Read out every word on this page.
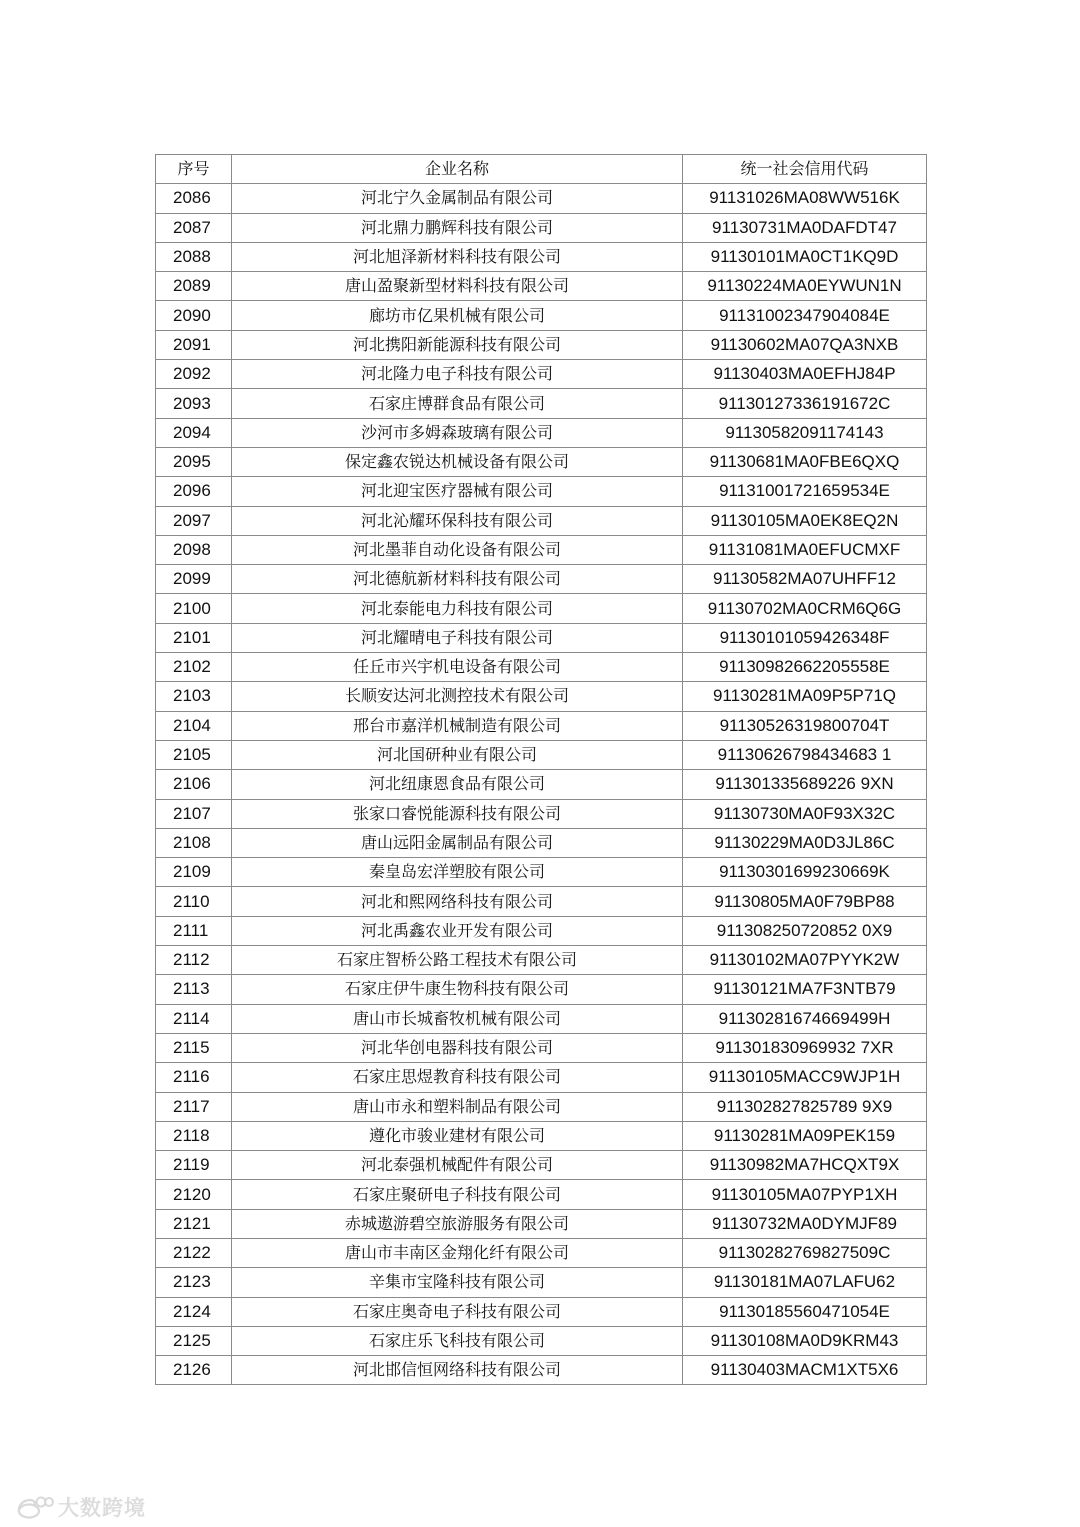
序号	企业名称	统一社会信用代码
2086	河北宁久金属制品有限公司	91131026MA08WW516K
2087	河北鼎力鹏辉科技有限公司	91130731MA0DAFDT47
2088	河北旭泽新材料科技有限公司	91130101MA0CT1KQ9D
2089	唐山盈聚新型材料科技有限公司	91130224MA0EYWUN1N
2090	廊坊市亿果机械有限公司	91131002347904084E
2091	河北携阳新能源科技有限公司	91130602MA07QA3NXB
2092	河北隆力电子科技有限公司	91130403MA0EFHJ84P
2093	石家庄博群食品有限公司	91130127336191672C
2094	沙河市多姆森玻璃有限公司	91130582091174143
2095	保定鑫农锐达机械设备有限公司	91130681MA0FBE6QXQ
2096	河北迎宝医疗器械有限公司	91131001721659534E
2097	河北沁耀环保科技有限公司	91130105MA0EK8EQ2N
2098	河北墨菲自动化设备有限公司	91131081MA0EFUCMXF
2099	河北德航新材料科技有限公司	91130582MA07UHFF12
2100	河北泰能电力科技有限公司	91130702MA0CRM6Q6G
2101	河北耀晴电子科技有限公司	91130101059426348F
2102	任丘市兴宇机电设备有限公司	91130982662205558E
2103	长顺安达河北测控技术有限公司	91130281MA09P5P71Q
2104	邢台市嘉洋机械制造有限公司	91130526319800704T
2105	河北国研种业有限公司	91130626798434683 1
2106	河北纽康恩食品有限公司	911301335689226 9XN
2107	张家口睿悦能源科技有限公司	91130730MA0F93X32C
2108	唐山远阳金属制品有限公司	91130229MA0D3JL86C
2109	秦皇岛宏洋塑胶有限公司	91130301699230669K
2110	河北和熙网络科技有限公司	91130805MA0F79BP88
2111	河北禹鑫农业开发有限公司	911308250720852 0X9
2112	石家庄智桥公路工程技术有限公司	91130102MA07PYYK2W
2113	石家庄伊牛康生物科技有限公司	91130121MA7F3NTB79
2114	唐山市长城畜牧机械有限公司	91130281674669499H
2115	河北华创电器科技有限公司	911301830969932 7XR
2116	石家庄思煜教育科技有限公司	91130105MACC9WJP1H
2117	唐山市永和塑料制品有限公司	911302827825789 9X9
2118	遵化市骏业建材有限公司	91130281MA09PEK159
2119	河北泰强机械配件有限公司	91130982MA7HCQXT9X
2120	石家庄聚研电子科技有限公司	91130105MA07PYP1XH
2121	赤城遨游碧空旅游服务有限公司	91130732MA0DYMJF89
2122	唐山市丰南区金翔化纤有限公司	91130282769827509C
2123	辛集市宝隆科技有限公司	91130181MA07LAFU62
2124	石家庄奥奇电子科技有限公司	91130185560471054E
2125	石家庄乐飞科技有限公司	91130108MA0D9KRM43
2126	河北邯信恒网络科技有限公司	91130403MACM1XT5X6
大数跨境
